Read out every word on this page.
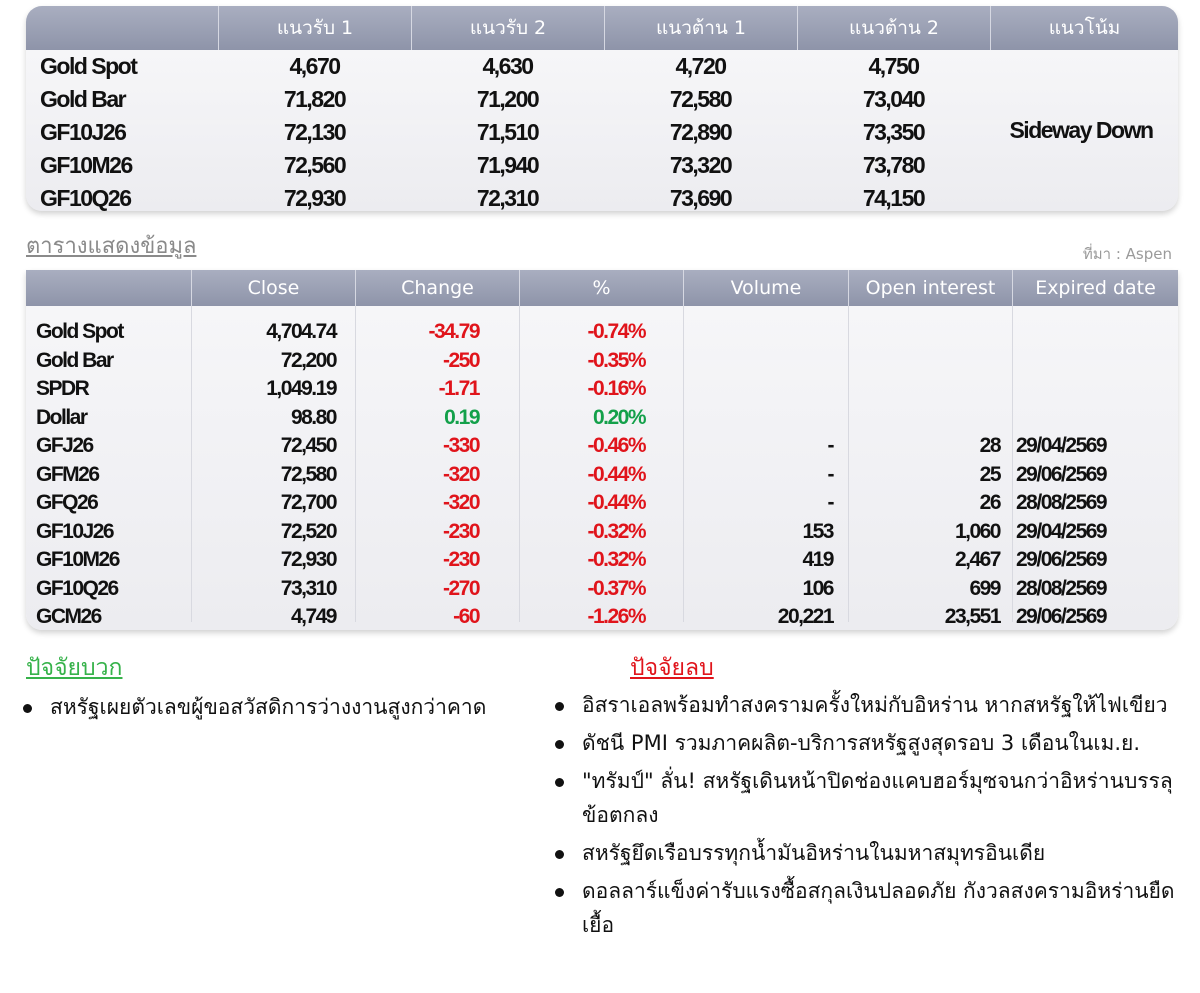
แนวรับ 1	แนวรับ 2	แนวต้าน 1	แนวต้าน 2	แนวโน้ม
Sideway Down
Gold Spot	4,670	4,630	4,720	4,750
Gold Bar	71,820	71,200	72,580	73,040
GF10J26	72,130	71,510	72,890	73,350
GF10M26	72,560	71,940	73,320	73,780
GF10Q26	72,930	72,310	73,690	74,150
ตารางแสดงข้อมูล	ที่มา : Aspen
Close	Change	%	Volume	Open interest	Expired date
Gold Spot	4,704.74	-34.79	-0.74%
Gold Bar	72,200	-250	-0.35%
SPDR	1,049.19	-1.71	-0.16%
Dollar	98.80	0.19	0.20%
GFJ26	72,450	-330	-0.46%	-	28 29/04/2569
GFM26	72,580	-320	-0.44%	-	25 29/06/2569
GFQ26	72,700	-320	-0.44%	-	26 28/08/2569
GF10J26	72,520	-230	-0.32%	153	1,060 29/04/2569
GF10M26	72,930	-230	-0.32%	419	2,467 29/06/2569
GF10Q26	73,310	-270	-0.37%	106	699 28/08/2569
GCM26	4,749	-60	-1.26%	20,221	23,551 29/06/2569
ปัจจัยบวก	ปัจจัยลบ
สหรัฐเผยตัวเลขผู้ขอสวัสดิการว่างงานสูงกว่าคาด	อิสราเอลพร้อมทำสงครามครั้งใหม่กับอิหร่าน หากสหรัฐให้ไฟเขียว
ดัชนี PMI รวมภาคผลิต-บริการสหรัฐสูงสุดรอบ 3 เดือนในเม.ย.
"ทรัมป์" ลั่น! สหรัฐเดินหน้าปิดช่องแคบฮอร์มุซจนกว่าอิหร่านบรรลุข้อตกลง
สหรัฐยึดเรือบรรทุกน้ำมันอิหร่านในมหาสมุทรอินเดีย
ดอลลาร์แข็งค่ารับแรงซื้อสกุลเงินปลอดภัย กังวลสงครามอิหร่านยืดเยื้อ
